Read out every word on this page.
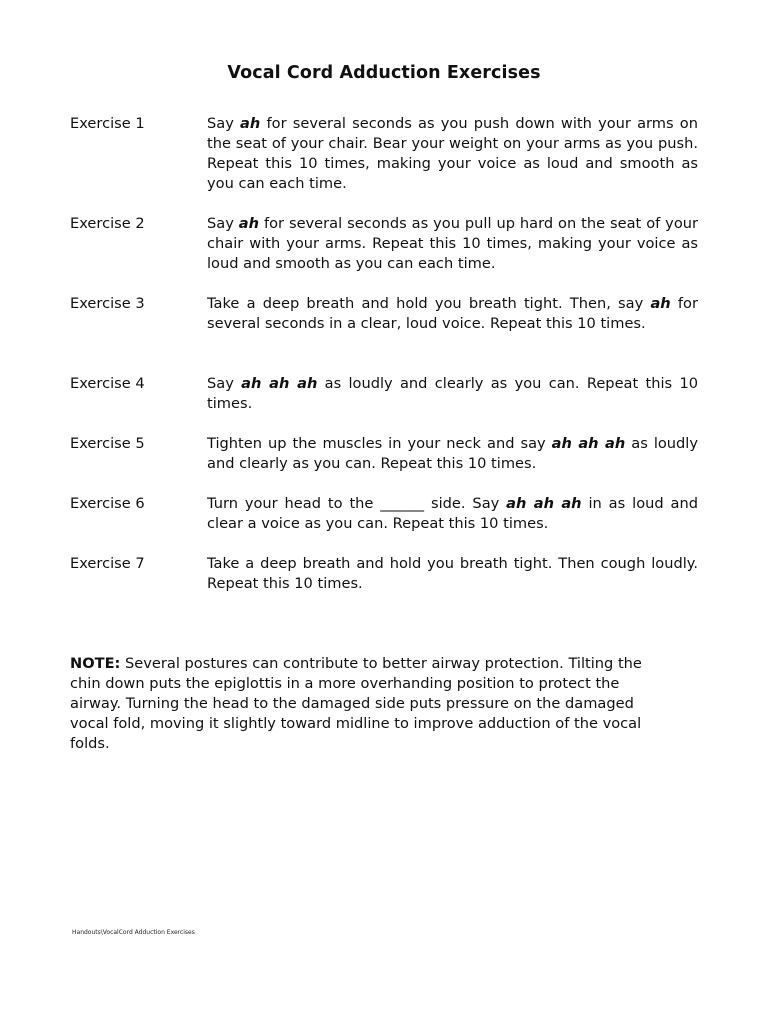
Vocal Cord Adduction Exercises
Exercise 1	Say ah for several seconds as you push down with your arms on the seat of your chair. Bear your weight on your arms as you push. Repeat this 10 times, making your voice as loud and smooth as you can each time.
Exercise 2	Say ah for several seconds as you pull up hard on the seat of your chair with your arms. Repeat this 10 times, making your voice as loud and smooth as you can each time.
Exercise 3	Take a deep breath and hold you breath tight. Then, say ah for several seconds in a clear, loud voice. Repeat this 10 times.
Exercise 4	Say ah ah ah as loudly and clearly as you can. Repeat this 10 times.
Exercise 5	Tighten up the muscles in your neck and say ah ah ah as loudly and clearly as you can. Repeat this 10 times.
Exercise 6	Turn your head to the ______ side. Say ah ah ah in as loud and clear a voice as you can. Repeat this 10 times.
Exercise 7	Take a deep breath and hold you breath tight. Then cough loudly. Repeat this 10 times.
NOTE: Several postures can contribute to better airway protection. Tilting the chin down puts the epiglottis in a more overhanding position to protect the airway. Turning the head to the damaged side puts pressure on the damaged vocal fold, moving it slightly toward midline to improve adduction of the vocal folds.
Handouts\VocalCord Adduction Exercises
